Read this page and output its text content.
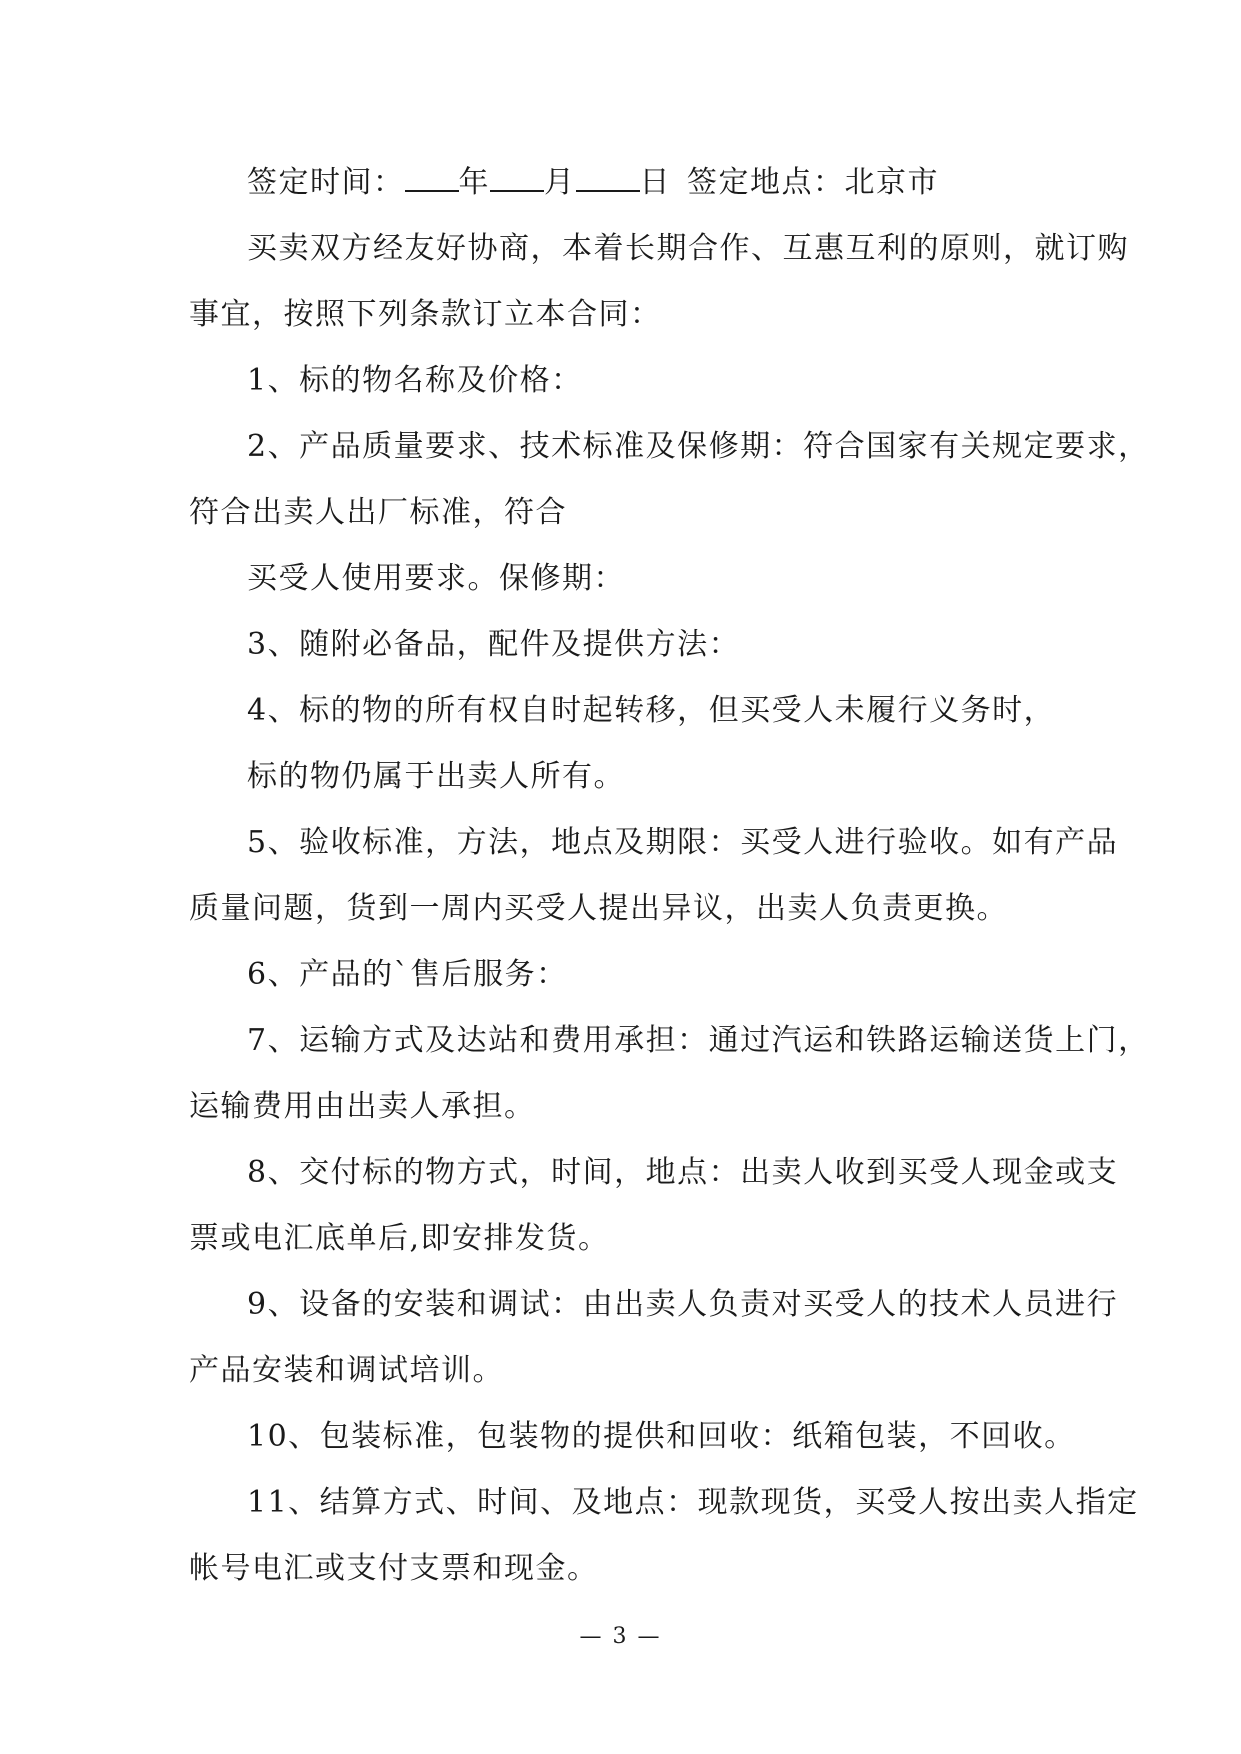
签定时间： 年 月 日 签定地点：北京市
买卖双方经友好协商，本着长期合作、互惠互利的原则，就订购
事宜，按照下列条款订立本合同：
1、标的物名称及价格：
2、产品质量要求、技术标准及保修期：符合国家有关规定要求，
符合出卖人出厂标准，符合
买受人使用要求。保修期：
3、随附必备品，配件及提供方法：
4、标的物的所有权自时起转移，但买受人未履行义务时，
标的物仍属于出卖人所有。
5、验收标准，方法，地点及期限：买受人进行验收。如有产品
质量问题，货到一周内买受人提出异议，出卖人负责更换。
6、产品的`售后服务：
7、运输方式及达站和费用承担：通过汽运和铁路运输送货上门，
运输费用由出卖人承担。
8、交付标的物方式，时间，地点：出卖人收到买受人现金或支
票或电汇底单后,即安排发货。
9、设备的安装和调试：由出卖人负责对买受人的技术人员进行
产品安装和调试培训。
10、包装标准，包装物的提供和回收：纸箱包装，不回收。
11、结算方式、时间、及地点：现款现货，买受人按出卖人指定
帐号电汇或支付支票和现金。
— 3 —
